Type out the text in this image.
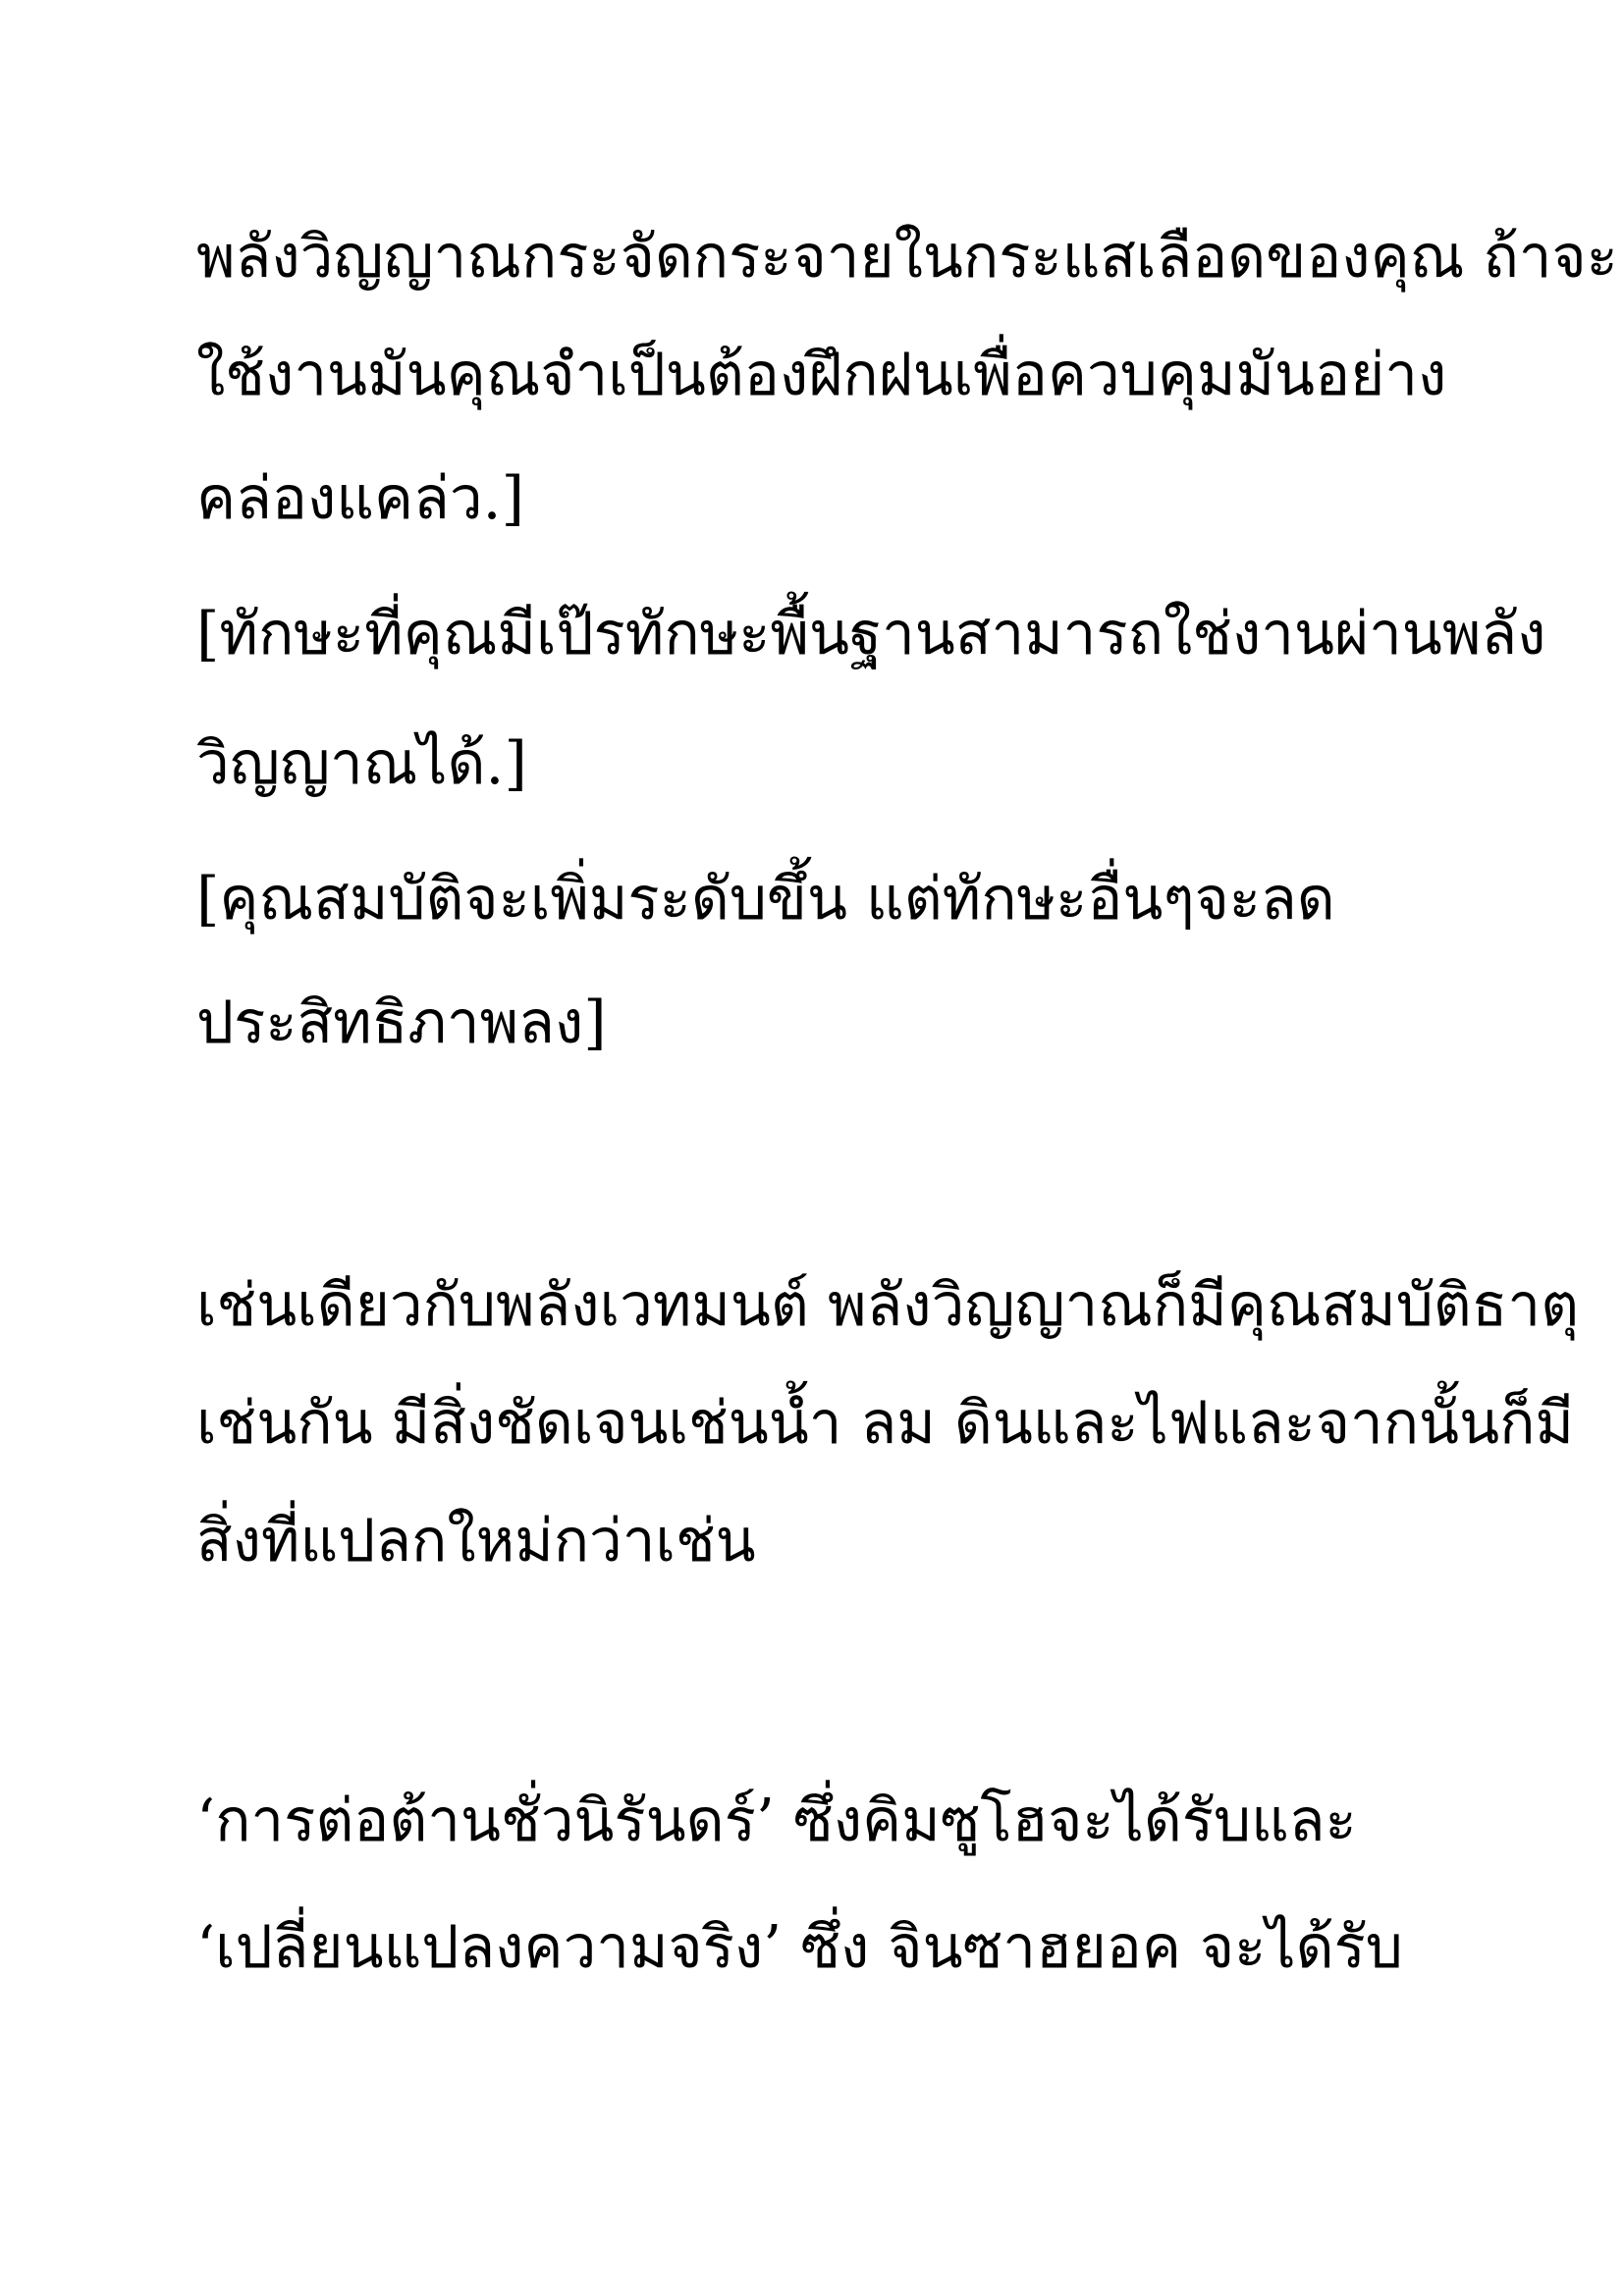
พลังวิญญาณกระจัดกระจายในกระแสเลือดของคุณ ถ้าจะ

ใช้งานมันคุณจำเป็นต้องฝึกฝนเพื่อควบคุมมันอย่าง

คล่องแคล่ว.]

[ทักษะที่คุณมีเป๊รทักษะพื้นฐานสามารถใช่งานผ่านพลัง

วิญญาณได้.]

[คุณสมบัติจะเพิ่มระดับขึ้น แต่ทักษะอื่นๆจะลด

ประสิทธิภาพลง]

เช่นเดียวกับพลังเวทมนต์ พลังวิญญาณก็มีคุณสมบัติธาตุ

เช่นกัน มีสิ่งชัดเจนเช่นน้ำ ลม ดินและไฟและจากนั้นก็มี

สิ่งที่แปลกใหม่กว่าเช่น

‘การต่อต้านชั่วนิรันดร์’ ซึ่งคิมซูโฮจะได้รับและ

‘เปลี่ยนแปลงความจริง’ ซึ่ง จินซาฮยอค จะได้รับ
